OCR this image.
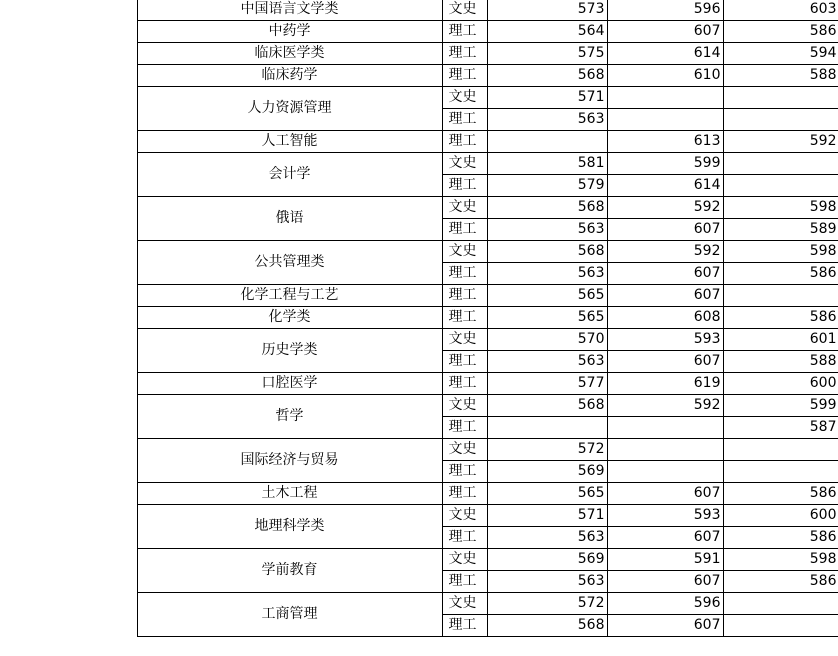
	中国语言文学类	文史	573	596	603
	中药学	理工	564	607	586
	临床医学类	理工	575	614	594
	临床药学	理工	568	610	588
	人力资源管理	文史	571		
		理工	563		
	人工智能	理工		613	592
	会计学	文史	581	599	
		理工	579	614	
	俄语	文史	568	592	598
		理工	563	607	589
	公共管理类	文史	568	592	598
		理工	563	607	586
	化学工程与工艺	理工	565	607	
	化学类	理工	565	608	586
	历史学类	文史	570	593	601
		理工	563	607	588
	口腔医学	理工	577	619	600
	哲学	文史	568	592	599
		理工			587
	国际经济与贸易	文史	572		
		理工	569		
	土木工程	理工	565	607	586
	地理科学类	文史	571	593	600
		理工	563	607	586
	学前教育	文史	569	591	598
		理工	563	607	586
	工商管理	文史	572	596	
		理工	568	607	
